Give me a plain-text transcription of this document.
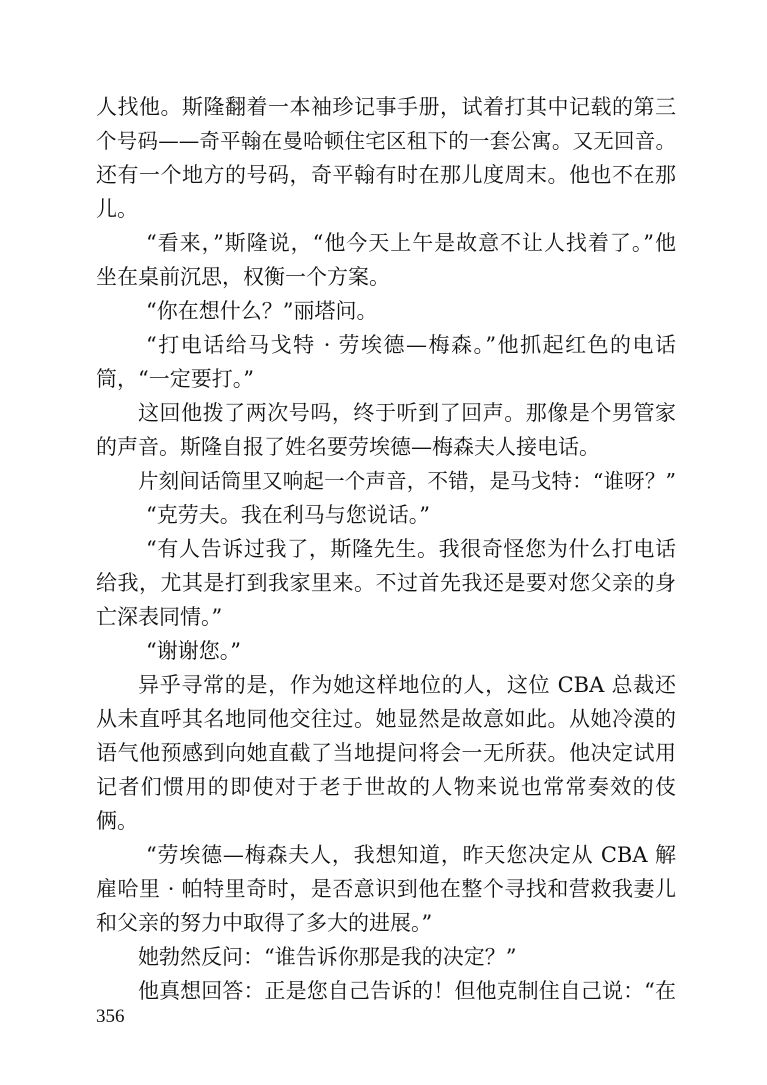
人找他。斯隆翻着一本袖珍记事手册，试着打其中记载的第三
个号码——奇平翰在曼哈顿住宅区租下的一套公寓。又无回音。
还有一个地方的号码，奇平翰有时在那儿度周末。他也不在那
儿。
“看来，”斯隆说，“他今天上午是故意不让人找着了。”他
坐在桌前沉思，权衡一个方案。
“你在想什么？”丽塔问。
“打电话给马戈特 · 劳埃德—梅森。”他抓起红色的电话
筒，“一定要打。”
这回他拨了两次号吗，终于听到了回声。那像是个男管家
的声音。斯隆自报了姓名要劳埃德—梅森夫人接电话。
片刻间话筒里又响起一个声音，不错，是马戈特：“谁呀？”
“克劳夫。我在利马与您说话。”
“有人告诉过我了，斯隆先生。我很奇怪您为什么打电话
给我，尤其是打到我家里来。不过首先我还是要对您父亲的身
亡深表同情。”
“谢谢您。”
异乎寻常的是，作为她这样地位的人，这位 CBA 总裁还
从未直呼其名地同他交往过。她显然是故意如此。从她冷漠的
语气他预感到向她直截了当地提问将会一无所获。他决定试用
记者们惯用的即使对于老于世故的人物来说也常常奏效的伎
俩。
“劳埃德—梅森夫人，我想知道，昨天您决定从 CBA 解
雇哈里 · 帕特里奇时，是否意识到他在整个寻找和营救我妻儿
和父亲的努力中取得了多大的进展。”
她勃然反问：“谁告诉你那是我的决定？”
他真想回答：正是您自己告诉的！但他克制住自己说：“在
356
